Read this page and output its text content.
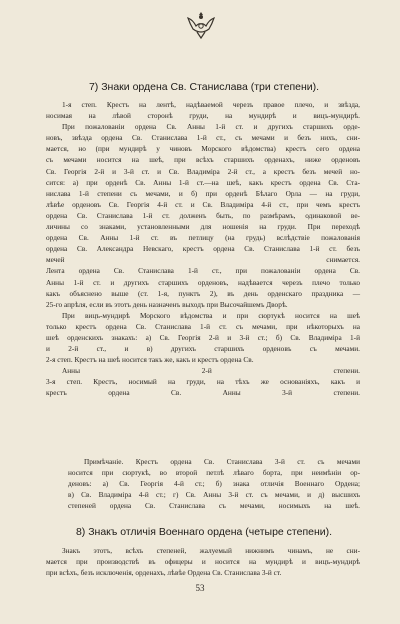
7) Знаки ордена Св. Станислава (три степени).

1-я степ. Крестъ на лентѣ, надѣваемой черезъ правое плечо, и звѣзда,

носимая на лѣвой сторонѣ груди, на мундирѣ и вицъ-мундирѣ.

При пожалованіи ордена Св. Анны 1-й ст. и другихъ старшихъ орде-

новъ, звѣзда ордена Св. Станислава 1-й ст., съ мечами и безъ нихъ, сни-

мается, но (при мундирѣ у чиновъ Морского вѣдомства) крестъ сего ордена

съ мечами носится на шеѣ, при всѣхъ старшихъ орденахъ, ниже орденовъ

Св. Георгія 2-й и 3-й ст. и Св. Владиміра 2-й ст., а крестъ безъ мечей но-

сится: а) при орденѣ Св. Анны 1-й ст.—на шеѣ, какъ крестъ ордена Св. Ста-

нислава 1-й степени съ мечами, и б) при орденѣ Бѣлаго Орла — на груди,

лѣвѣе орденовъ Св. Георгія 4-й ст. и Св. Владиміра 4-й ст., при чемъ крестъ

ордена Св. Станислава 1-й ст. долженъ быть, по размѣрамъ, одинаковой ве-

личины со знаками, установленными для ношенія на груди. При переходѣ

ордена Св. Анны 1-й ст. въ петлицу (на грудь) вслѣдствіе пожалованія

ордена Св. Александра Невскаго, крестъ ордена Св. Станислава 1-й ст. безъ

мечей снимается.

Лента ордена Св. Станислава 1-й ст., при пожалованіи ордена Св.

Анны 1-й ст. и другихъ старшихъ орденовъ, надѣвается черезъ плечо только

какъ объяснено выше (ст. 1-я, пунктъ 2), въ день орденскаго праздника —

25-го апрѣля, если въ этотъ день назначенъ выходъ при Высочайшемъ Дворѣ.

При вицъ-мундирѣ Морского вѣдомства и при сюртукѣ носится на шеѣ

только крестъ ордена Св. Станислава 1-й ст. съ мечами, при нѣкоторыхъ на

шеѣ орденскихъ знакахъ: а) Св. Георгія 2-й и 3-й ст.; б) Св. Владиміра 1-й

и 2-й ст., и в) другихъ старшихъ орденовъ съ мечами.

2-я степ. Крестъ на шеѣ носится такъ же, какъ и крестъ ордена Св.

Анны 2-й степени.

3-я степ. Крестъ, носимый на груди, на тѣхъ же основаніяхъ, какъ и

крестъ ордена Св. Анны 3-й степени.

Примѣчаніе. Крестъ ордена Св. Станислава 3-й ст. съ мечами

носится при сюртукѣ, во второй петлѣ лѣваго борта, при неимѣніи ор-

деновъ: а) Св. Георгія 4-й ст.; б) знака отличія Военнаго Ордена;

в) Св. Владиміра 4-й ст.; г) Св. Анны 3-й ст. съ мечами, и д) высшихъ

степеней ордена Св. Станислава съ мечами, носимыхъ на шеѣ.

8) Знакъ отличія Военнаго ордена (четыре степени).

Знакъ этотъ, всѣхъ степеней, жалуемый нижнимъ чинамъ, не сни-

мается при производствѣ въ офицеры и носится на мундирѣ и вицъ-мундирѣ

при всѣхъ, безъ исключенія, орденахъ, лѣвѣе Ордена Св. Станислава 3-й ст.

53
